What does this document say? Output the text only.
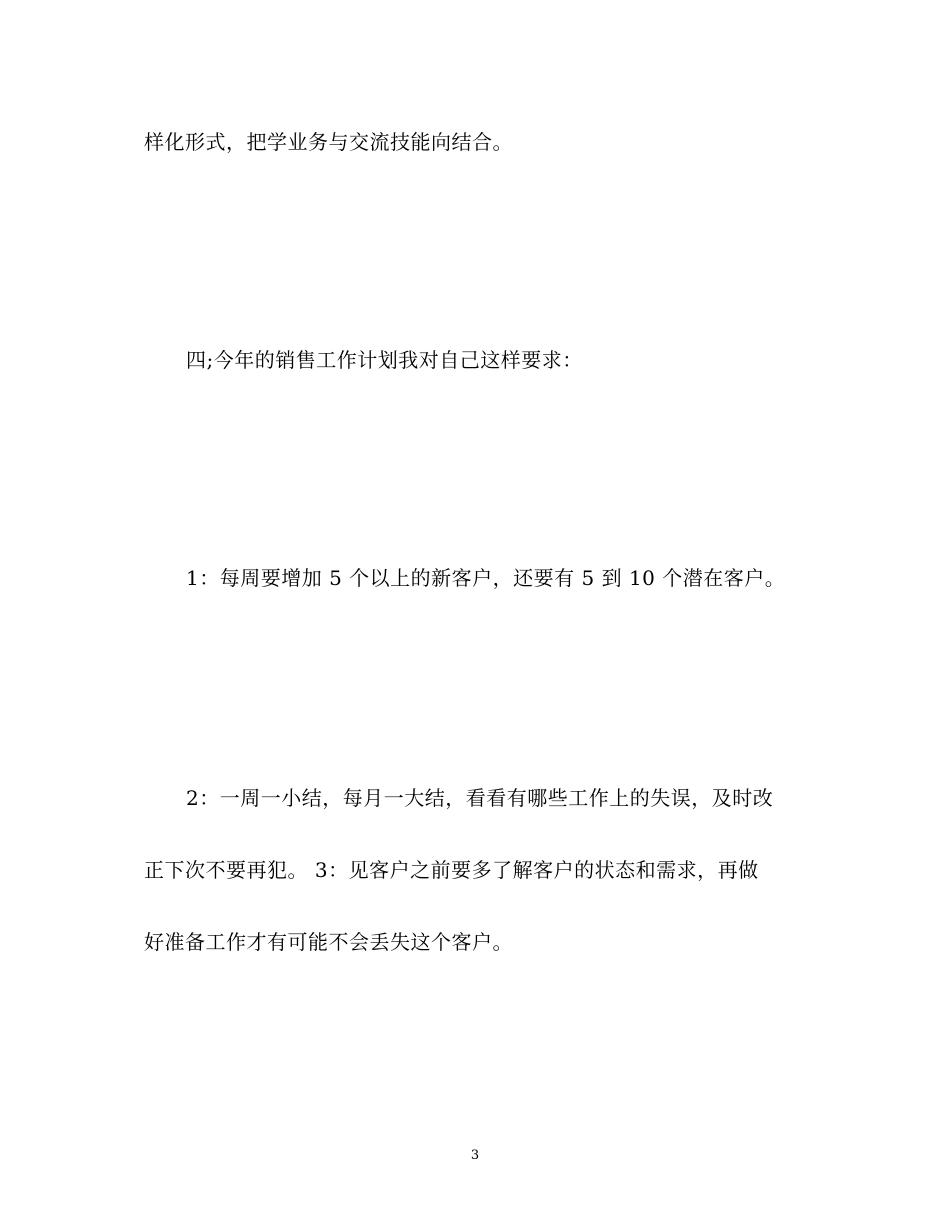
样化形式，把学业务与交流技能向结合。
四;今年的销售工作计划我对自己这样要求：
1：每周要增加 5 个以上的新客户，还要有 5 到 10 个潜在客户。
2：一周一小结，每月一大结，看看有哪些工作上的失误，及时改
正下次不要再犯。 3：见客户之前要多了解客户的状态和需求，再做
好准备工作才有可能不会丢失这个客户。
3
